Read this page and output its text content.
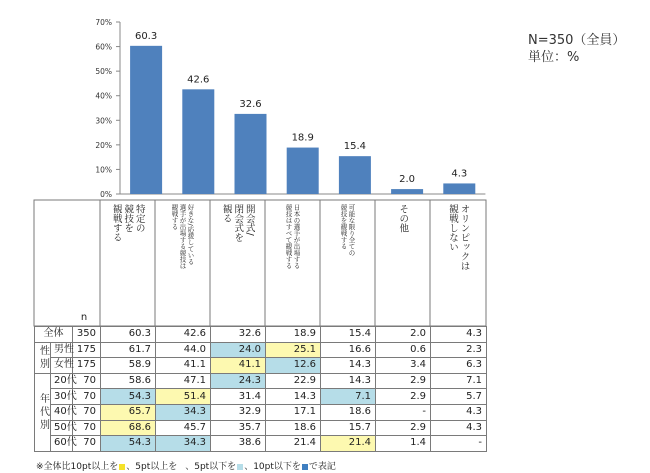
0%
10%
20%
30%
40%
50%
60%
70%
60.3
42.6
32.6
18.9
15.4
2.0
4.3
n
N=350（全員）
単位：%
特定の
競技を
観戦する	好きな/応援している
選手が出場する競技は
観戦する	開会式/
閉会式を
観る	日本の選手が出場する
競技はすべて観戦する	可能な限り全ての
競技を観戦する	その他	オリンピックは
観戦しない
全体		350	60.3	42.6	32.6	18.9	15.4	2.0	4.3
性別	男性	175	61.7	44.0	24.0	25.1	16.6	0.6	2.3
	女性	175	58.9	41.1	41.1	12.6	14.3	3.4	6.3
年代別	20代	70	58.6	47.1	24.3	22.9	14.3	2.9	7.1
	30代	70	54.3	51.4	31.4	14.3	7.1	2.9	5.7
	40代	70	65.7	34.3	32.9	17.1	18.6	-	4.3
	50代	70	68.6	45.7	35.7	18.6	15.7	2.9	4.3
	60代	70	54.3	34.3	38.6	21.4	21.4	1.4	-
※全体比10pt以上を 、5pt以上を 、5pt以下を 、10pt以下を で表記
